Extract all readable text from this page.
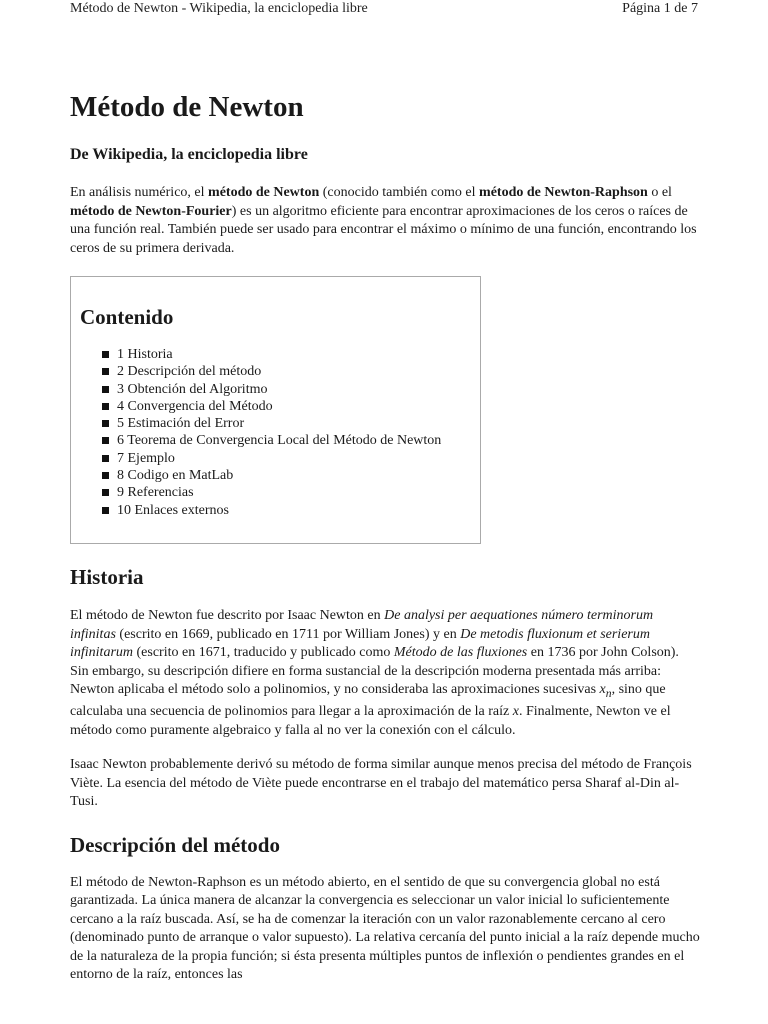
Método de Newton - Wikipedia, la enciclopedia libre	Página 1 de 7
Método de Newton
De Wikipedia, la enciclopedia libre

En análisis numérico, el método de Newton (conocido también como el método de Newton-Raphson o el método de Newton-Fourier) es un algoritmo eficiente para encontrar aproximaciones de los ceros o raíces de una función real. También puede ser usado para encontrar el máximo o mínimo de una función, encontrando los ceros de su primera derivada.

Contenido
1 Historia
2 Descripción del método
3 Obtención del Algoritmo
4 Convergencia del Método
5 Estimación del Error
6 Teorema de Convergencia Local del Método de Newton
7 Ejemplo
8 Codigo en MatLab
9 Referencias
10 Enlaces externos
Historia

El método de Newton fue descrito por Isaac Newton en De analysi per aequationes número terminorum infinitas (escrito en 1669, publicado en 1711 por William Jones) y en De metodis fluxionum et serierum infinitarum (escrito en 1671, traducido y publicado como Método de las fluxiones en 1736 por John Colson). Sin embargo, su descripción difiere en forma sustancial de la descripción moderna presentada más arriba: Newton aplicaba el método solo a polinomios, y no consideraba las aproximaciones sucesivas $x_n$, sino que calculaba una secuencia de polinomios para llegar a la aproximación de la raíz x. Finalmente, Newton ve el método como puramente algebraico y falla al no ver la conexión con el cálculo.

Isaac Newton probablemente derivó su método de forma similar aunque menos precisa del método de François Viète. La esencia del método de Viète puede encontrarse en el trabajo del matemático persa Sharaf al-Din al-Tusi.

Descripción del método

El método de Newton-Raphson es un método abierto, en el sentido de que su convergencia global no está garantizada. La única manera de alcanzar la convergencia es seleccionar un valor inicial lo suficientemente cercano a la raíz buscada. Así, se ha de comenzar la iteración con un valor razonablemente cercano al cero (denominado punto de arranque o valor supuesto). La relativa cercanía del punto inicial a la raíz depende mucho de la naturaleza de la propia función; si ésta presenta múltiples puntos de inflexión o pendientes grandes en el entorno de la raíz, entonces las
